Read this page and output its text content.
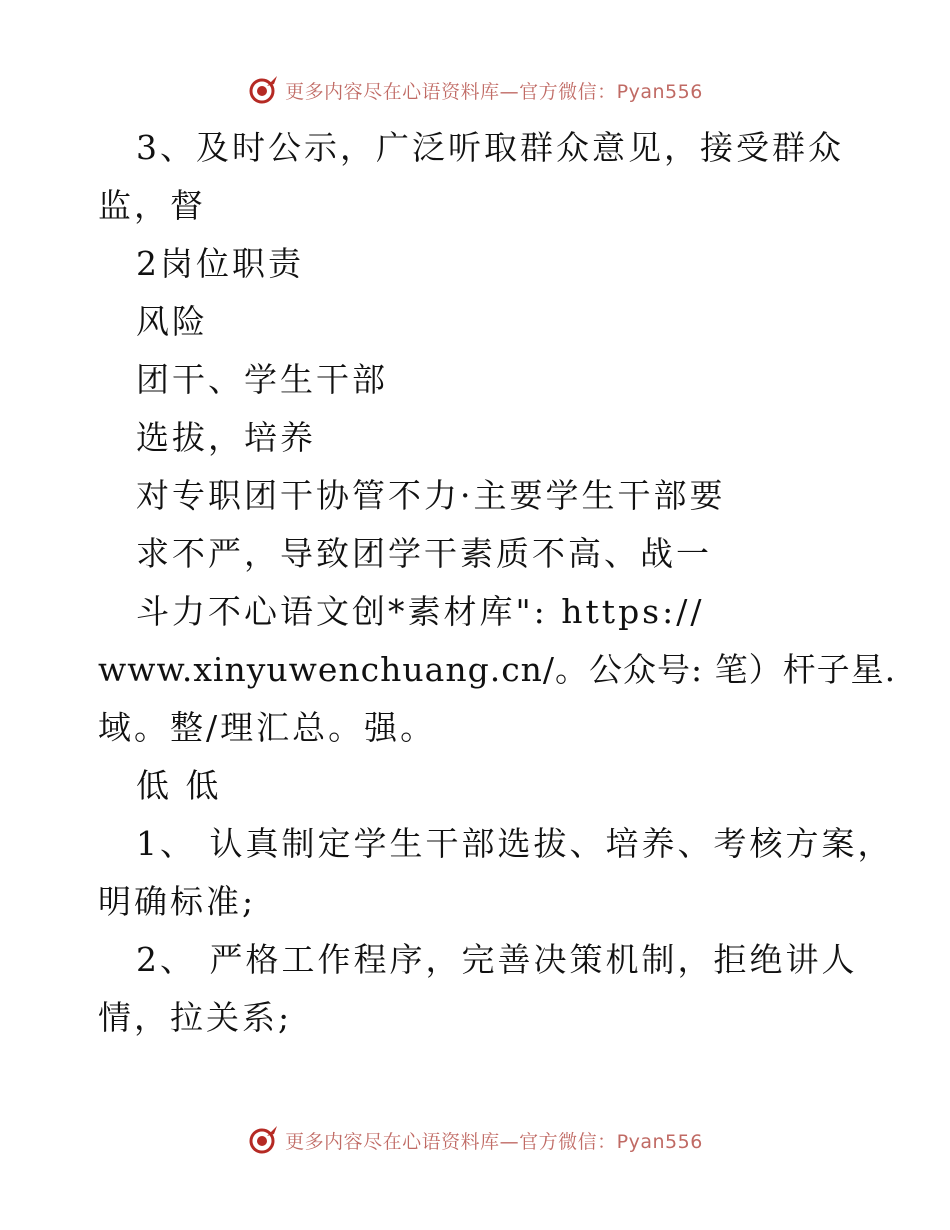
更多内容尽在心语资料库—官方微信：Pyan556
3、及时公示，广泛听取群众意见，接受群众
监，督
2岗位职责
风险
团干、学生干部
选拔，培养
对专职团干协管不力·主要学生干部要
求不严，导致团学干素质不高、战一
斗力不心语文创*素材库": https://
www.xinyuwenchuang.cn/。公众号: 笔）杆子星.
域。整/理汇总。强。
低 低
1、 认真制定学生干部选拔、培养、考核方案，
明确标准;
2、 严格工作程序，完善决策机制，拒绝讲人
情，拉关系;
更多内容尽在心语资料库—官方微信：Pyan556
